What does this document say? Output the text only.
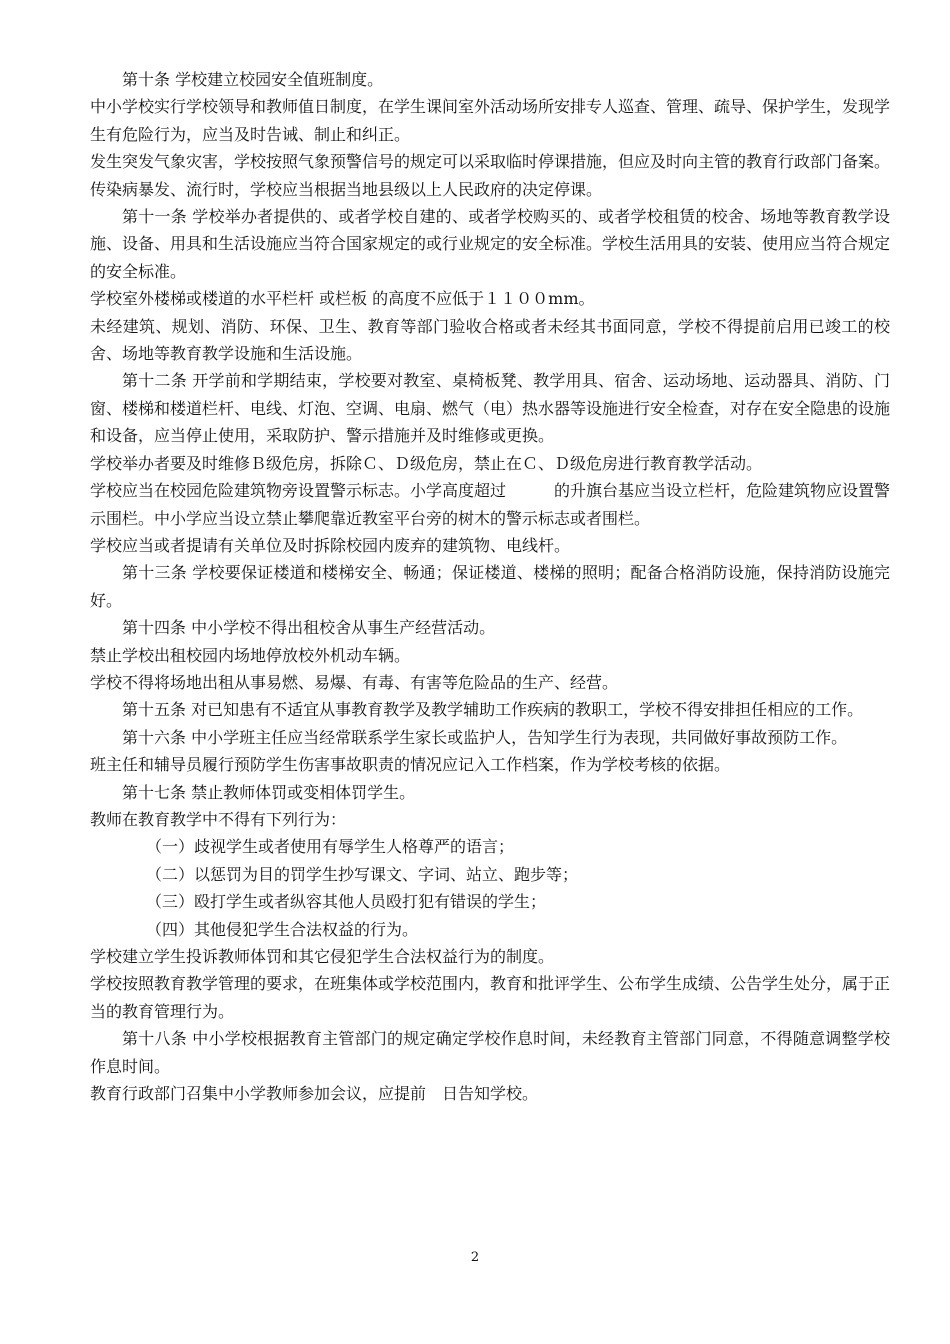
第十条 学校建立校园安全值班制度。

中小学校实行学校领导和教师值日制度，在学生课间室外活动场所安排专人巡查、管理、疏导、保护学生，发现学生有危险行为，应当及时告诫、制止和纠正。

发生突发气象灾害，学校按照气象预警信号的规定可以采取临时停课措施，但应及时向主管的教育行政部门备案。传染病暴发、流行时，学校应当根据当地县级以上人民政府的决定停课。

第十一条 学校举办者提供的、或者学校自建的、或者学校购买的、或者学校租赁的校舍、场地等教育教学设施、设备、用具和生活设施应当符合国家规定的或行业规定的安全标准。学校生活用具的安装、使用应当符合规定的安全标准。

学校室外楼梯或楼道的水平栏杆 或栏板 的高度不应低于１１００mm。

未经建筑、规划、消防、环保、卫生、教育等部门验收合格或者未经其书面同意，学校不得提前启用已竣工的校舍、场地等教育教学设施和生活设施。

第十二条 开学前和学期结束，学校要对教室、桌椅板凳、教学用具、宿舍、运动场地、运动器具、消防、门窗、楼梯和楼道栏杆、电线、灯泡、空调、电扇、燃气（电）热水器等设施进行安全检查，对存在安全隐患的设施和设备，应当停止使用，采取防护、警示措施并及时维修或更换。

学校举办者要及时维修Ｂ级危房，拆除Ｃ、Ｄ级危房，禁止在Ｃ、Ｄ级危房进行教育教学活动。

学校应当在校园危险建筑物旁设置警示标志。小学高度超过　　　的升旗台基应当设立栏杆，危险建筑物应设置警示围栏。中小学应当设立禁止攀爬靠近教室平台旁的树木的警示标志或者围栏。

学校应当或者提请有关单位及时拆除校园内废弃的建筑物、电线杆。

第十三条 学校要保证楼道和楼梯安全、畅通；保证楼道、楼梯的照明；配备合格消防设施，保持消防设施完好。

第十四条 中小学校不得出租校舍从事生产经营活动。

禁止学校出租校园内场地停放校外机动车辆。

学校不得将场地出租从事易燃、易爆、有毒、有害等危险品的生产、经营。

第十五条 对已知患有不适宜从事教育教学及教学辅助工作疾病的教职工，学校不得安排担任相应的工作。

第十六条 中小学班主任应当经常联系学生家长或监护人，告知学生行为表现，共同做好事故预防工作。

班主任和辅导员履行预防学生伤害事故职责的情况应记入工作档案，作为学校考核的依据。

第十七条 禁止教师体罚或变相体罚学生。

教师在教育教学中不得有下列行为：

（一）歧视学生或者使用有辱学生人格尊严的语言；

（二）以惩罚为目的罚学生抄写课文、字词、站立、跑步等；

（三）殴打学生或者纵容其他人员殴打犯有错误的学生；

（四）其他侵犯学生合法权益的行为。

学校建立学生投诉教师体罚和其它侵犯学生合法权益行为的制度。

学校按照教育教学管理的要求，在班集体或学校范围内，教育和批评学生、公布学生成绩、公告学生处分，属于正当的教育管理行为。

第十八条 中小学校根据教育主管部门的规定确定学校作息时间，未经教育主管部门同意，不得随意调整学校作息时间。

教育行政部门召集中小学教师参加会议，应提前　日告知学校。

2
